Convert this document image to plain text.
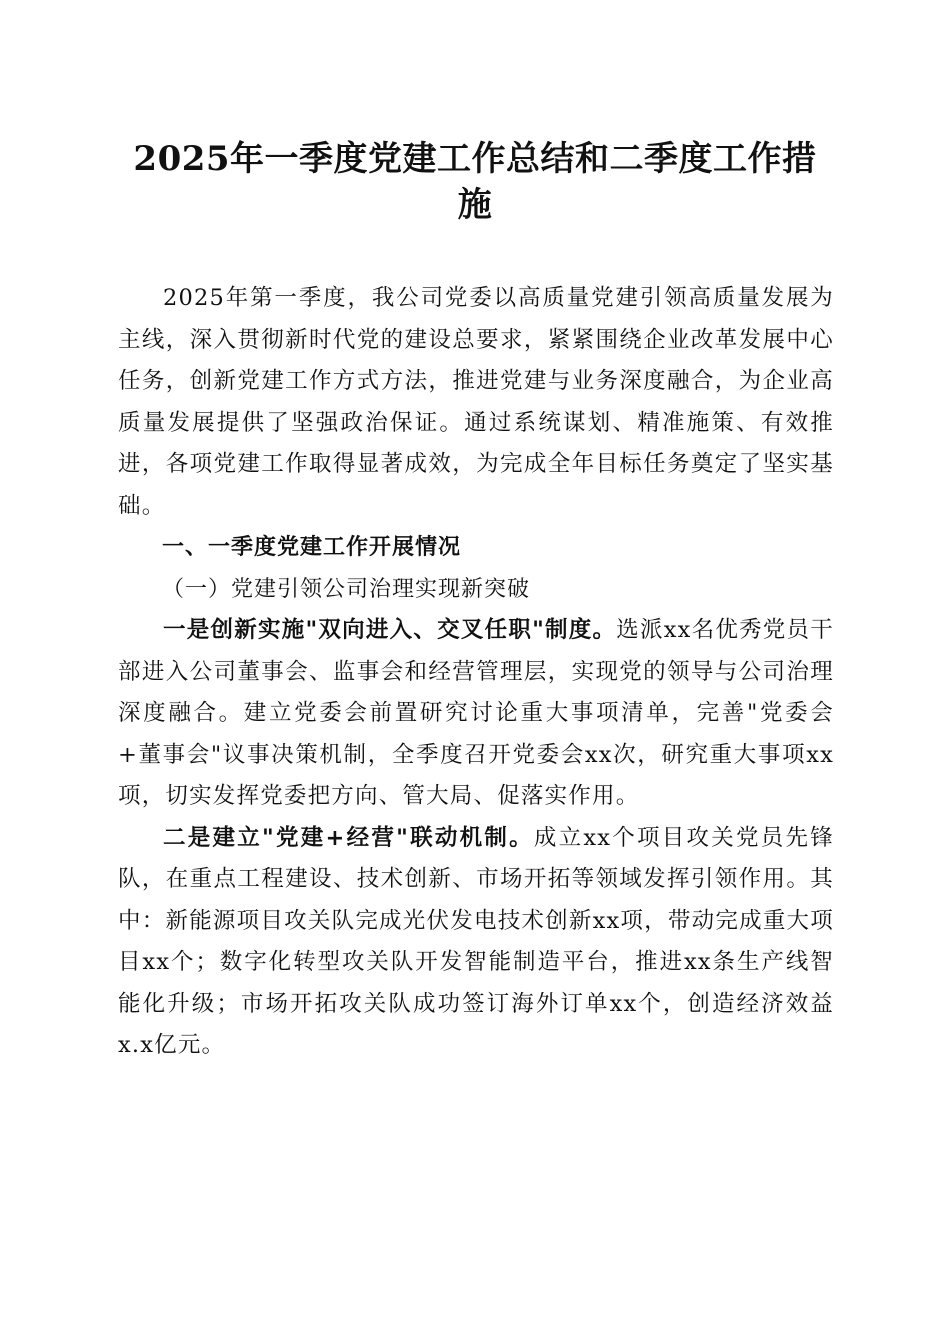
2025年一季度党建工作总结和二季度工作措施

2025年第一季度，我公司党委以高质量党建引领高质量发展为主线，深入贯彻新时代党的建设总要求，紧紧围绕企业改革发展中心任务，创新党建工作方式方法，推进党建与业务深度融合，为企业高质量发展提供了坚强政治保证。通过系统谋划、精准施策、有效推进，各项党建工作取得显著成效，为完成全年目标任务奠定了坚实基础。

一、一季度党建工作开展情况

（一）党建引领公司治理实现新突破

一是创新实施"双向进入、交叉任职"制度。选派xx名优秀党员干部进入公司董事会、监事会和经营管理层，实现党的领导与公司治理深度融合。建立党委会前置研究讨论重大事项清单，完善"党委会+董事会"议事决策机制，全季度召开党委会xx次，研究重大事项xx项，切实发挥党委把方向、管大局、促落实作用。

二是建立"党建+经营"联动机制。成立xx个项目攻关党员先锋队，在重点工程建设、技术创新、市场开拓等领域发挥引领作用。其中：新能源项目攻关队完成光伏发电技术创新xx项，带动完成重大项目xx个；数字化转型攻关队开发智能制造平台，推进xx条生产线智能化升级；市场开拓攻关队成功签订海外订单xx个，创造经济效益x.x亿元。
